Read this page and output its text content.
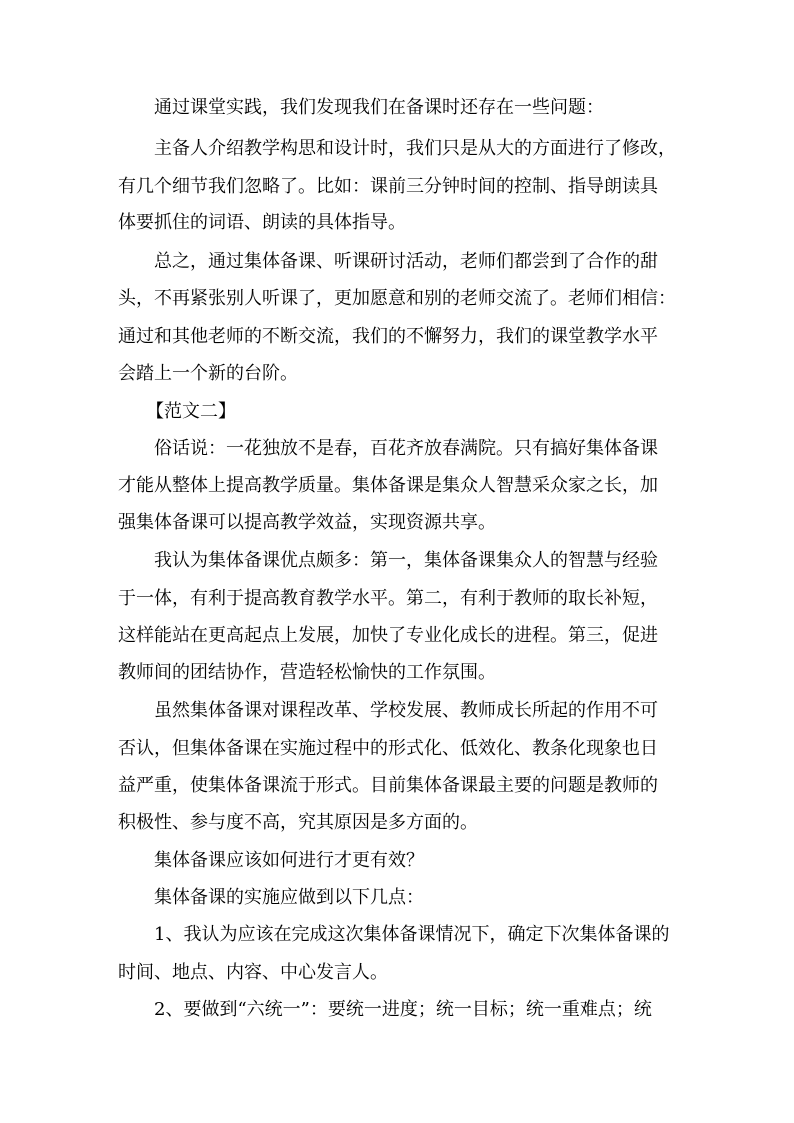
通过课堂实践，我们发现我们在备课时还存在一些问题：
主备人介绍教学构思和设计时，我们只是从大的方面进行了修改，
有几个细节我们忽略了。比如：课前三分钟时间的控制、指导朗读具
体要抓住的词语、朗读的具体指导。
总之，通过集体备课、听课研讨活动，老师们都尝到了合作的甜
头，不再紧张别人听课了，更加愿意和别的老师交流了。老师们相信：
通过和其他老师的不断交流，我们的不懈努力，我们的课堂教学水平
会踏上一个新的台阶。
【范文二】
俗话说：一花独放不是春，百花齐放春满院。只有搞好集体备课
才能从整体上提高教学质量。集体备课是集众人智慧采众家之长，加
强集体备课可以提高教学效益，实现资源共享。
我认为集体备课优点颇多：第一，集体备课集众人的智慧与经验
于一体，有利于提高教育教学水平。第二，有利于教师的取长补短，
这样能站在更高起点上发展，加快了专业化成长的进程。第三，促进
教师间的团结协作，营造轻松愉快的工作氛围。
虽然集体备课对课程改革、学校发展、教师成长所起的作用不可
否认，但集体备课在实施过程中的形式化、低效化、教条化现象也日
益严重，使集体备课流于形式。目前集体备课最主要的问题是教师的
积极性、参与度不高，究其原因是多方面的。
集体备课应该如何进行才更有效？
集体备课的实施应做到以下几点：
1、我认为应该在完成这次集体备课情况下，确定下次集体备课的
时间、地点、内容、中心发言人。
2、要做到“六统一”：要统一进度；统一目标；统一重难点；统
